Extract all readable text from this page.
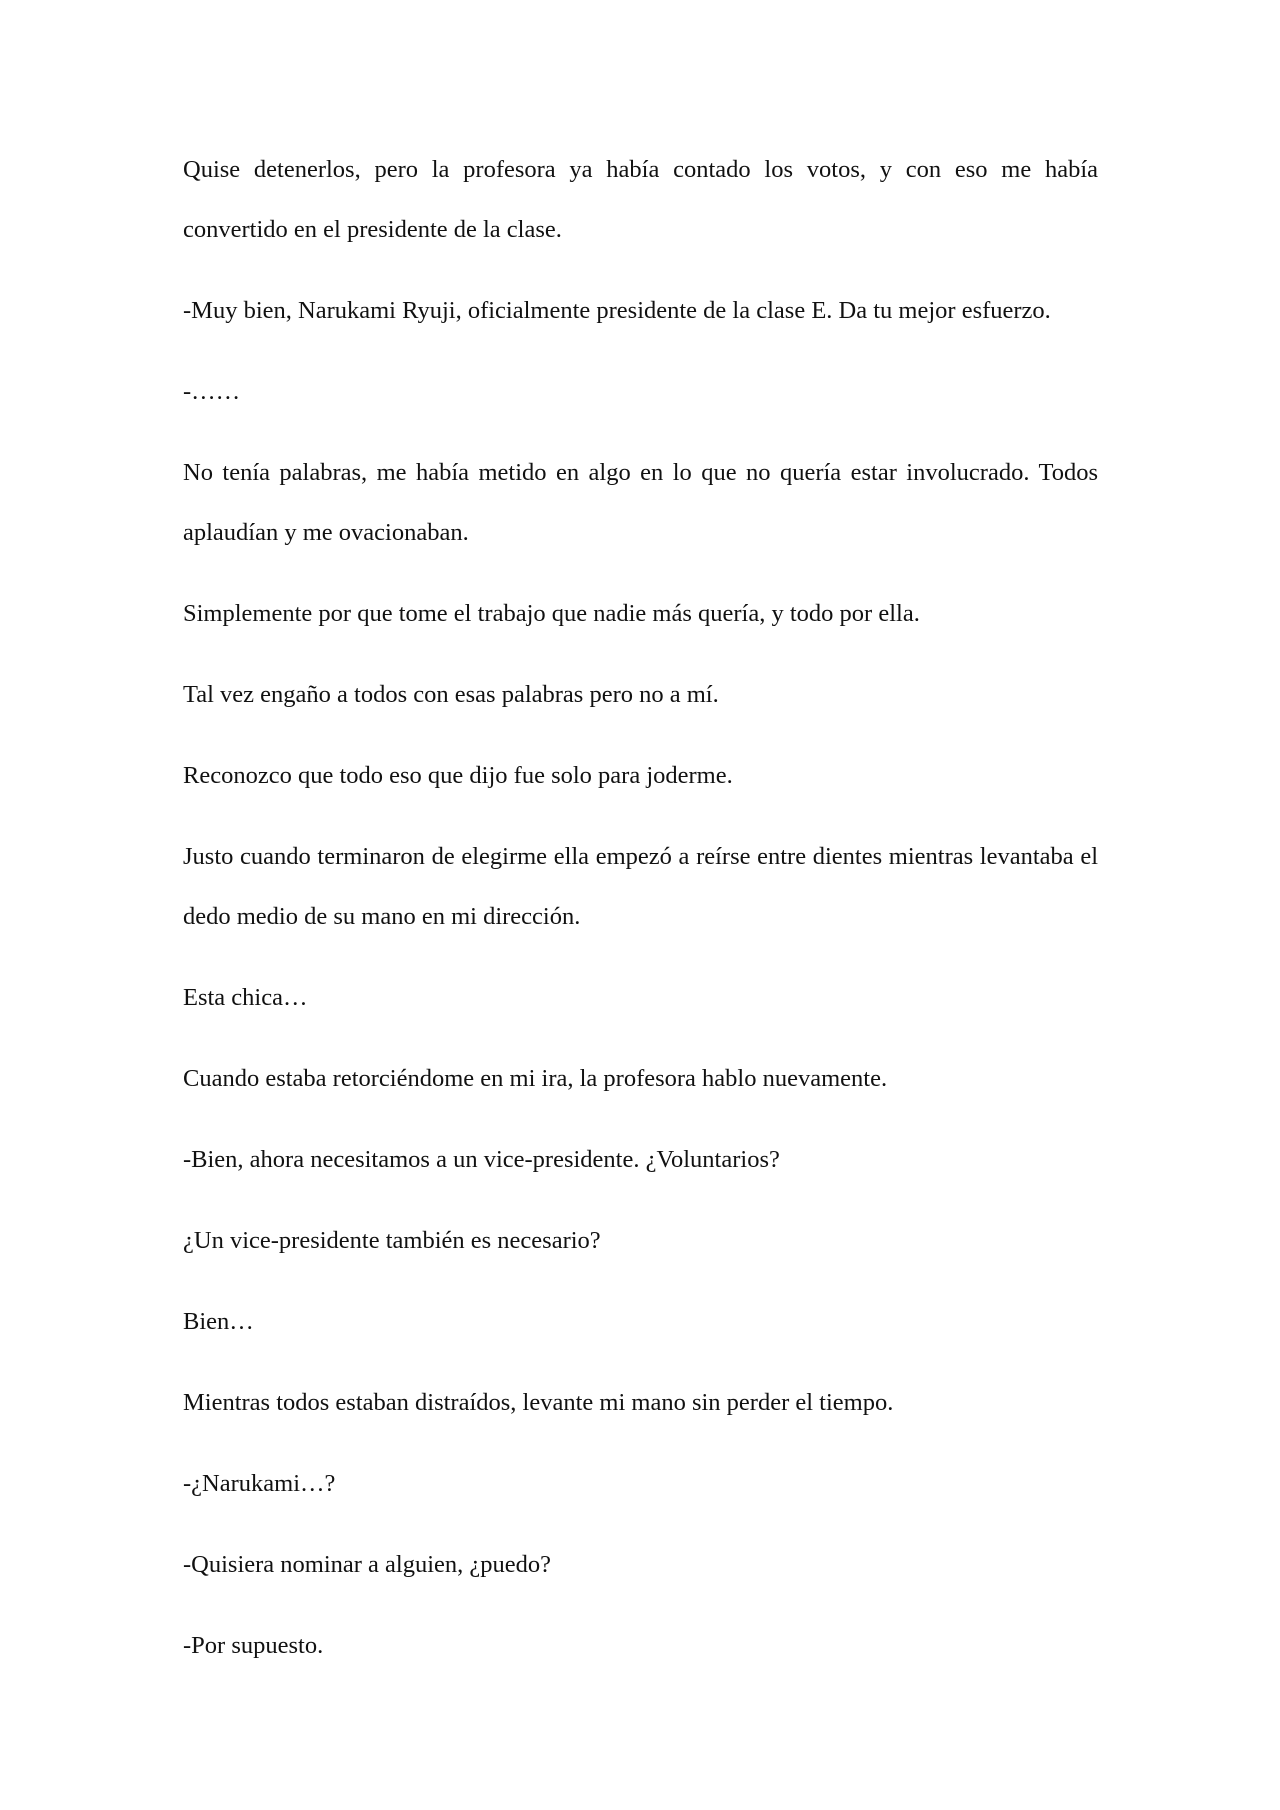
Quise detenerlos, pero la profesora ya había contado los votos, y con eso me había convertido en el presidente de la clase.

-Muy bien, Narukami Ryuji, oficialmente presidente de la clase E. Da tu mejor esfuerzo.

-……

No tenía palabras, me había metido en algo en lo que no quería estar involucrado. Todos aplaudían y me ovacionaban.

Simplemente por que tome el trabajo que nadie más quería, y todo por ella.

Tal vez engaño a todos con esas palabras pero no a mí.

Reconozco que todo eso que dijo fue solo para joderme.

Justo cuando terminaron de elegirme ella empezó a reírse entre dientes mientras levantaba el dedo medio de su mano en mi dirección.

Esta chica…

Cuando estaba retorciéndome en mi ira, la profesora hablo nuevamente.

-Bien, ahora necesitamos a un vice-presidente. ¿Voluntarios?

¿Un vice-presidente también es necesario?

Bien…

Mientras todos estaban distraídos, levante mi mano sin perder el tiempo.

-¿Narukami…?

-Quisiera nominar a alguien, ¿puedo?

-Por supuesto.
